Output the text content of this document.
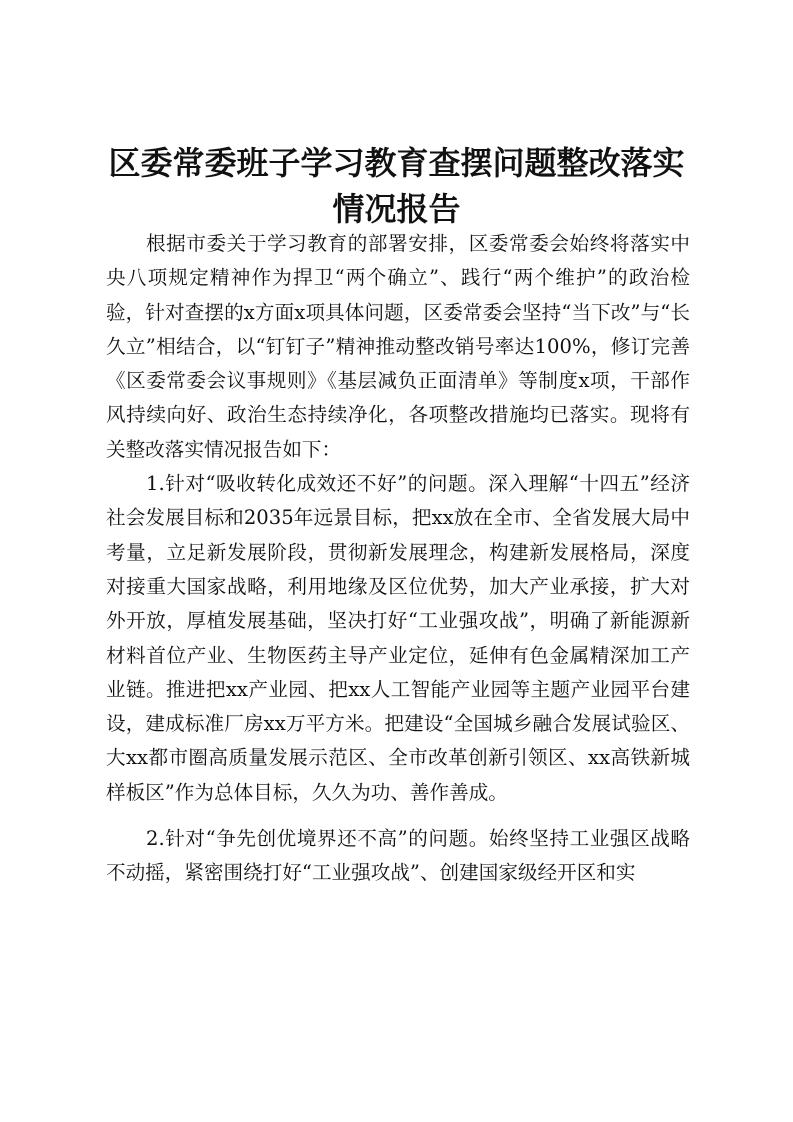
区委常委班子学习教育查摆问题整改落实情况报告

根据市委关于学习教育的部署安排，区委常委会始终将落实中央八项规定精神作为捍卫“两个确立”、践行“两个维护”的政治检验，针对查摆的x方面x项具体问题，区委常委会坚持“当下改”与“长久立”相结合，以“钉钉子”精神推动整改销号率达100%，修订完善《区委常委会议事规则》《基层减负正面清单》等制度x项，干部作风持续向好、政治生态持续净化，各项整改措施均已落实。现将有关整改落实情况报告如下：

1.针对“吸收转化成效还不好”的问题。深入理解“十四五”经济社会发展目标和2035年远景目标，把xx放在全市、全省发展大局中考量，立足新发展阶段，贯彻新发展理念，构建新发展格局，深度对接重大国家战略，利用地缘及区位优势，加大产业承接，扩大对外开放，厚植发展基础，坚决打好“工业强攻战”，明确了新能源新材料首位产业、生物医药主导产业定位，延伸有色金属精深加工产业链。推进把xx产业园、把xx人工智能产业园等主题产业园平台建设，建成标准厂房xx万平方米。把建设“全国城乡融合发展试验区、大xx都市圈高质量发展示范区、全市改革创新引领区、xx高铁新城样板区”作为总体目标，久久为功、善作善成。

2.针对“争先创优境界还不高”的问题。始终坚持工业强区战略不动摇，紧密围绕打好“工业强攻战”、创建国家级经开区和实
